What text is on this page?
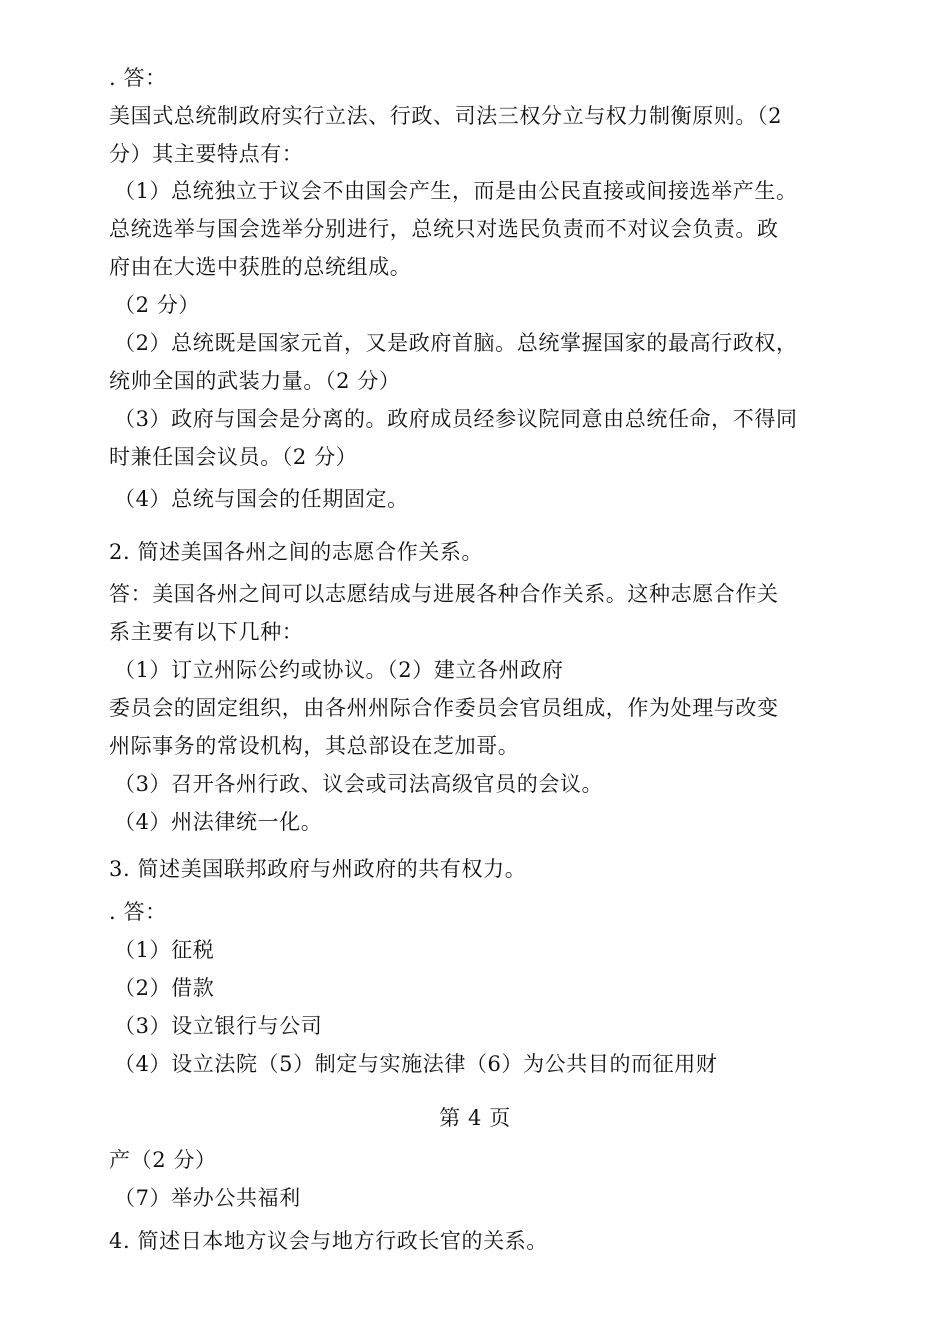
. 答：
美国式总统制政府实行立法、行政、司法三权分立与权力制衡原则。（2
分）其主要特点有：
（1）总统独立于议会不由国会产生，而是由公民直接或间接选举产生。
总统选举与国会选举分别进行，总统只对选民负责而不对议会负责。政
府由在大选中获胜的总统组成。
（2 分）
（2）总统既是国家元首，又是政府首脑。总统掌握国家的最高行政权，
统帅全国的武装力量。（2 分）
（3）政府与国会是分离的。政府成员经参议院同意由总统任命，不得同
时兼任国会议员。（2 分）
（4）总统与国会的任期固定。
2. 简述美国各州之间的志愿合作关系。
答：美国各州之间可以志愿结成与进展各种合作关系。这种志愿合作关
系主要有以下几种：
（1）订立州际公约或协议。（2）建立各州政府
委员会的固定组织，由各州州际合作委员会官员组成，作为处理与改变
州际事务的常设机构，其总部设在芝加哥。
（3）召开各州行政、议会或司法高级官员的会议。
（4）州法律统一化。
3. 简述美国联邦政府与州政府的共有权力。
. 答：
（1）征税
（2）借款
（3）设立银行与公司
（4）设立法院（5）制定与实施法律（6）为公共目的而征用财
第 4 页
产（2 分）
（7）举办公共福利
4. 简述日本地方议会与地方行政长官的关系。
